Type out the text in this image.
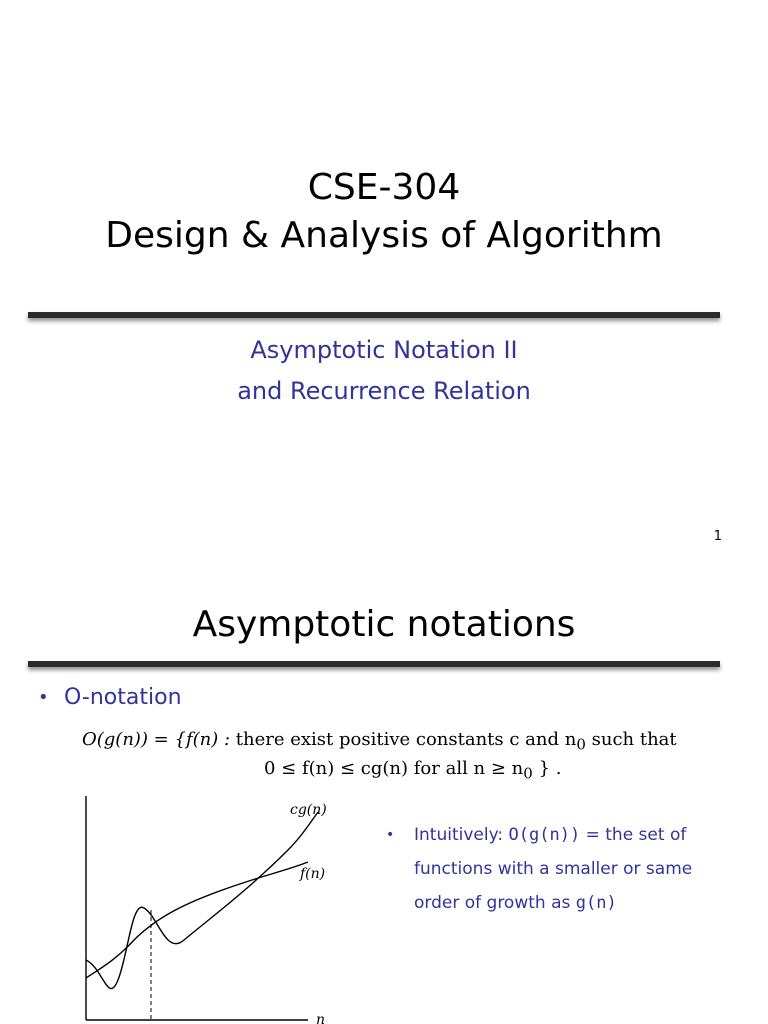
CSE-304
Design & Analysis of Algorithm
Asymptotic Notation II
and Recurrence Relation
1
Asymptotic notations
• O-notation
O(g(n)) = {f(n) : there exist positive constants c and $n_0$ such that
0 ≤ f(n) ≤ cg(n) for all $n \ge n_0$ } .
cg(n)
f(n)
n
•	Intuitively: O(g(n)) = the set of functions with a smaller or same order of growth as g(n)
